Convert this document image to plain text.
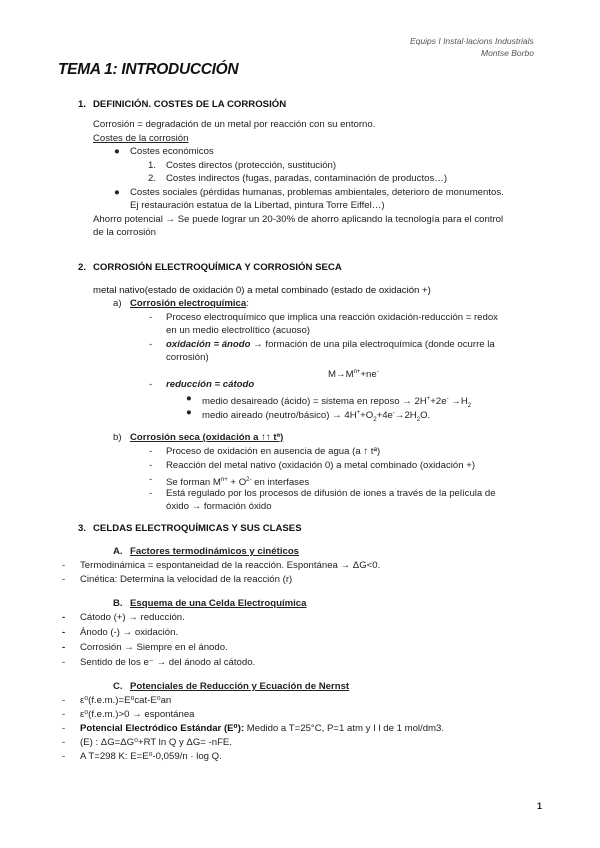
Equips I Instal·lacions Industrials
Montse Borbo
TEMA 1: INTRODUCCIÓN
1. DEFINICIÓN. COSTES DE LA CORROSIÓN
Corrosión = degradación de un metal por reacción con su entorno.
Costes de la corrosión
● Costes económicos
1. Costes directos (protección, sustitución)
2. Costes indirectos (fugas, paradas, contaminación de productos…)
● Costes sociales (pérdidas humanas, problemas ambientales, deterioro de monumentos.
Ej restauración estatua de la Libertad, pintura Torre Eiffel…)
Ahorro potencial → Se puede lograr un 20-30% de ahorro aplicando la tecnología para el control
de la corrosión
2. CORROSIÓN ELECTROQUÍMICA Y CORROSIÓN SECA
metal nativo(estado de oxidación 0) a metal combinado (estado de oxidación +)
a) Corrosión electroquímica:
- Proceso electroquímico que implica una reacción oxidación-reducción = redox
en un medio electrolítico (acuoso)
- oxidación = ánodo → formación de una pila electroquímica (donde ocurre la
corrosión)
$M\to M^{n+}+ne^-$
- reducción = cátodo
● medio desaireado (ácido) = sistema en reposo → $2H^++2e^- \to H_2$
● medio aireado (neutro/básico) → $4H^++O_2+4e^-\to 2H_2O$.
b) Corrosión seca (oxidación a ↑↑ tª)
- Proceso de oxidación en ausencia de agua (a ↑ tª)
- Reacción del metal nativo (oxidación 0) a metal combinado (oxidación +)
- Se forman $M^{n+} + O^{2-}$ en interfases
- Está regulado por los procesos de difusión de iones a través de la película de
óxido → formación óxido
3. CELDAS ELECTROQUÍMICAS Y SUS CLASES
A. Factores termodinámicos y cinéticos
- Termodinámica = espontaneidad de la reacción. Espontánea → ΔG<0.
- Cinética: Determina la velocidad de la reacción (r)
B. Esquema de una Celda Electroquímica
- Cátodo (+) → reducción.
- Ánodo (-) → oxidación.
- Corrosión → Siempre en el ánodo.
- Sentido de los e⁻ → del ánodo al cátodo.
C. Potenciales de Reducción y Ecuación de Nernst
- ε⁰(f.e.m.)=E⁰cat-E⁰an
- ε⁰(f.e.m.)>0 → espontánea
- Potencial Electródico Estándar (E⁰): Medido a T=25°C, P=1 atm y I l de 1 mol/dm3.
- (E) : ΔG=ΔG⁰+RT ln Q y ΔG= -nFE.
- A T=298 K: E=E⁰-0,059/n · log Q.
1
